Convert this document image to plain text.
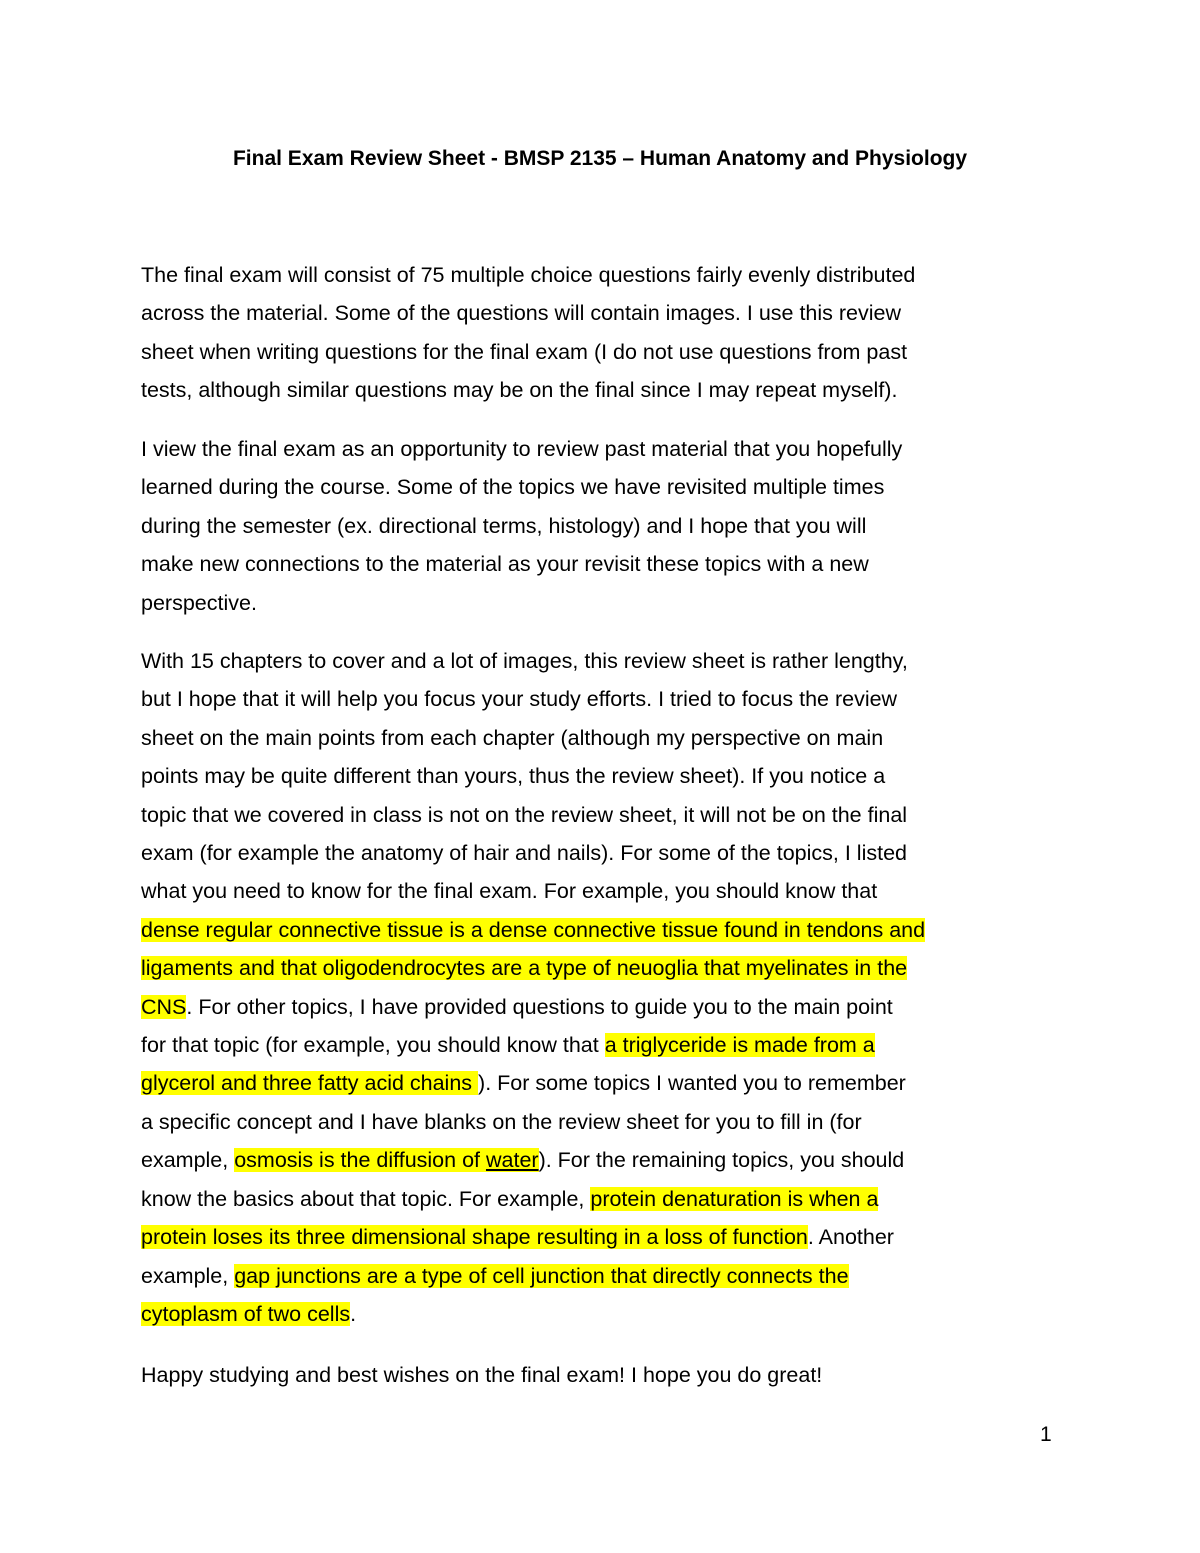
Final Exam Review Sheet - BMSP 2135 – Human Anatomy and Physiology
The final exam will consist of 75 multiple choice questions fairly evenly distributed
across the material. Some of the questions will contain images. I use this review
sheet when writing questions for the final exam (I do not use questions from past
tests, although similar questions may be on the final since I may repeat myself).
I view the final exam as an opportunity to review past material that you hopefully
learned during the course. Some of the topics we have revisited multiple times
during the semester (ex. directional terms, histology) and I hope that you will
make new connections to the material as your revisit these topics with a new
perspective.
With 15 chapters to cover and a lot of images, this review sheet is rather lengthy,
but I hope that it will help you focus your study efforts. I tried to focus the review
sheet on the main points from each chapter (although my perspective on main
points may be quite different than yours, thus the review sheet). If you notice a
topic that we covered in class is not on the review sheet, it will not be on the final
exam (for example the anatomy of hair and nails). For some of the topics, I listed
what you need to know for the final exam. For example, you should know that
dense regular connective tissue is a dense connective tissue found in tendons and
ligaments and that oligodendrocytes are a type of neuoglia that myelinates in the
CNS. For other topics, I have provided questions to guide you to the main point
for that topic (for example, you should know that a triglyceride is made from a
glycerol and three fatty acid chains ). For some topics I wanted you to remember
a specific concept and I have blanks on the review sheet for you to fill in (for
example, osmosis is the diffusion of water). For the remaining topics, you should
know the basics about that topic. For example, protein denaturation is when a
protein loses its three dimensional shape resulting in a loss of function. Another
example, gap junctions are a type of cell junction that directly connects the
cytoplasm of two cells.
Happy studying and best wishes on the final exam! I hope you do great!
1
